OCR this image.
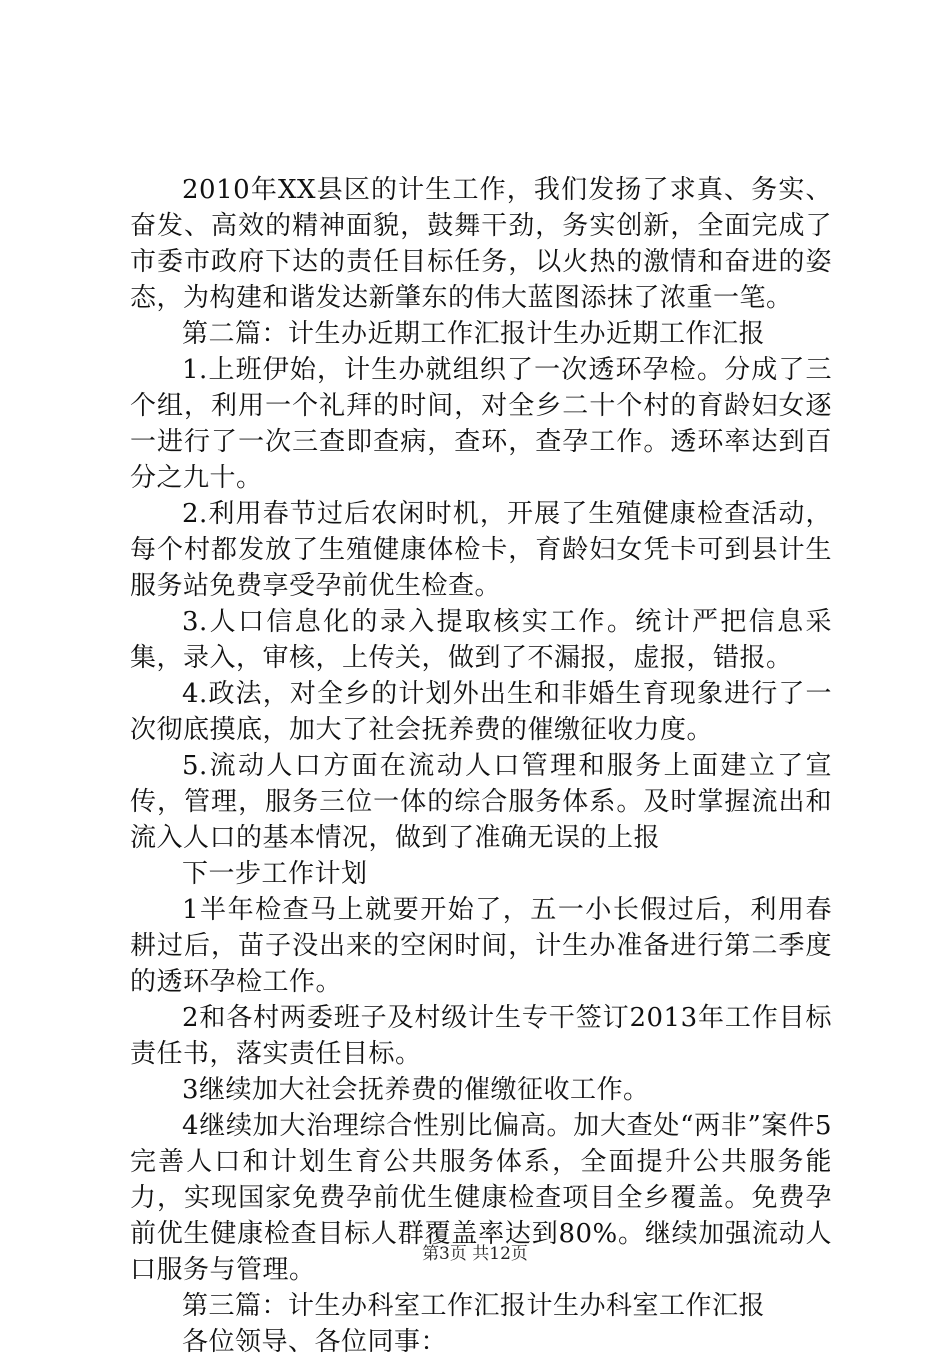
2010年XX县区的计生工作，我们发扬了求真、务实、奋发、高效的精神面貌，鼓舞干劲，务实创新，全面完成了市委市政府下达的责任目标任务，以火热的激情和奋进的姿态，为构建和谐发达新肇东的伟大蓝图添抹了浓重一笔。

第二篇：计生办近期工作汇报计生办近期工作汇报

1.上班伊始，计生办就组织了一次透环孕检。分成了三个组，利用一个礼拜的时间，对全乡二十个村的育龄妇女逐一进行了一次三查即查病，查环，查孕工作。透环率达到百分之九十。

2.利用春节过后农闲时机，开展了生殖健康检查活动，每个村都发放了生殖健康体检卡，育龄妇女凭卡可到县计生服务站免费享受孕前优生检查。

3.人口信息化的录入提取核实工作。统计严把信息采集，录入，审核，上传关，做到了不漏报，虚报，错报。

4.政法，对全乡的计划外出生和非婚生育现象进行了一次彻底摸底，加大了社会抚养费的催缴征收力度。

5.流动人口方面在流动人口管理和服务上面建立了宣传，管理，服务三位一体的综合服务体系。及时掌握流出和流入人口的基本情况，做到了准确无误的上报

下一步工作计划

1半年检查马上就要开始了，五一小长假过后，利用春耕过后，苗子没出来的空闲时间，计生办准备进行第二季度的透环孕检工作。

2和各村两委班子及村级计生专干签订2013年工作目标责任书，落实责任目标。

3继续加大社会抚养费的催缴征收工作。

4继续加大治理综合性别比偏高。加大查处“两非”案件5完善人口和计划生育公共服务体系，全面提升公共服务能力，实现国家免费孕前优生健康检查项目全乡覆盖。免费孕前优生健康检查目标人群覆盖率达到80%。继续加强流动人口服务与管理。

第三篇：计生办科室工作汇报计生办科室工作汇报

各位领导、各位同事：

第3页 共12页
